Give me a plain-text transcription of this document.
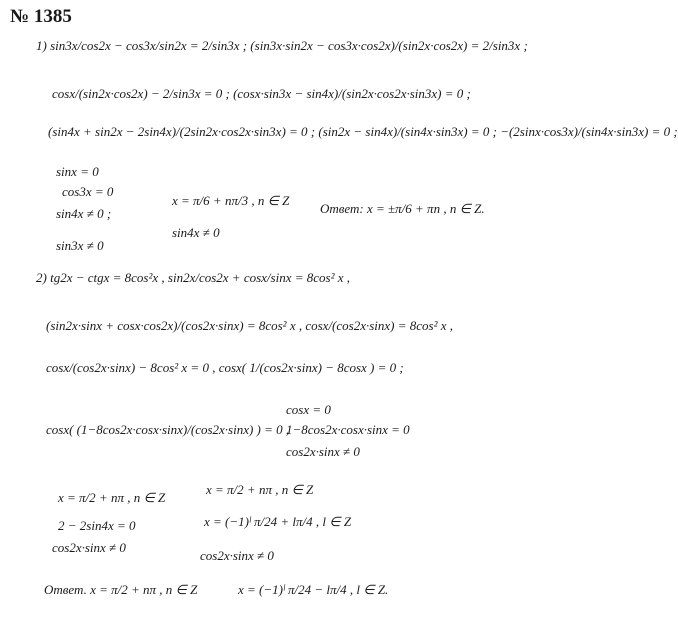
№ 1385
1) sin3x/cos2x − cos3x/sin2x = 2/sin3x ; (sin3x·sin2x − cos3x·cos2x)/(sin2x·cos2x) = 2/sin3x ;
cosx/(sin2x·cos2x) − 2/sin3x = 0 ; (cosx·sin3x − sin4x)/(sin2x·cos2x·sin3x) = 0 ;
(sin4x + sin2x − 2sin4x)/(2sin2x·cos2x·sin3x) = 0 ; (sin2x − sin4x)/(sin4x·sin3x) = 0 ; −(2sinx·cos3x)/(sin4x·sin3x) = 0 ;
sinx = 0
cos3x = 0
sin4x ≠ 0 ;
sin3x ≠ 0
x = π/6 + nπ/3 , n ∈ Z
sin4x ≠ 0
Ответ: x = ±π/6 + πn , n ∈ Z.
2) tg2x − ctgx = 8cos²x , sin2x/cos2x + cosx/sinx = 8cos² x ,
(sin2x·sinx + cosx·cos2x)/(cos2x·sinx) = 8cos² x , cosx/(cos2x·sinx) = 8cos² x ,
cosx/(cos2x·sinx) − 8cos² x = 0 , cosx( 1/(cos2x·sinx) − 8cosx ) = 0 ;
cosx( (1−8cos2x·cosx·sinx)/(cos2x·sinx) ) = 0 ,
cosx = 0
1−8cos2x·cosx·sinx = 0
cos2x·sinx ≠ 0
x = π/2 + nπ , n ∈ Z
2 − 2sin4x = 0
cos2x·sinx ≠ 0
x = π/2 + nπ , n ∈ Z
x = (−1)ˡ π/24 + lπ/4 , l ∈ Z
cos2x·sinx ≠ 0
Ответ. x = π/2 + nπ , n ∈ Z	x = (−1)ˡ π/24 − lπ/4 , l ∈ Z.
